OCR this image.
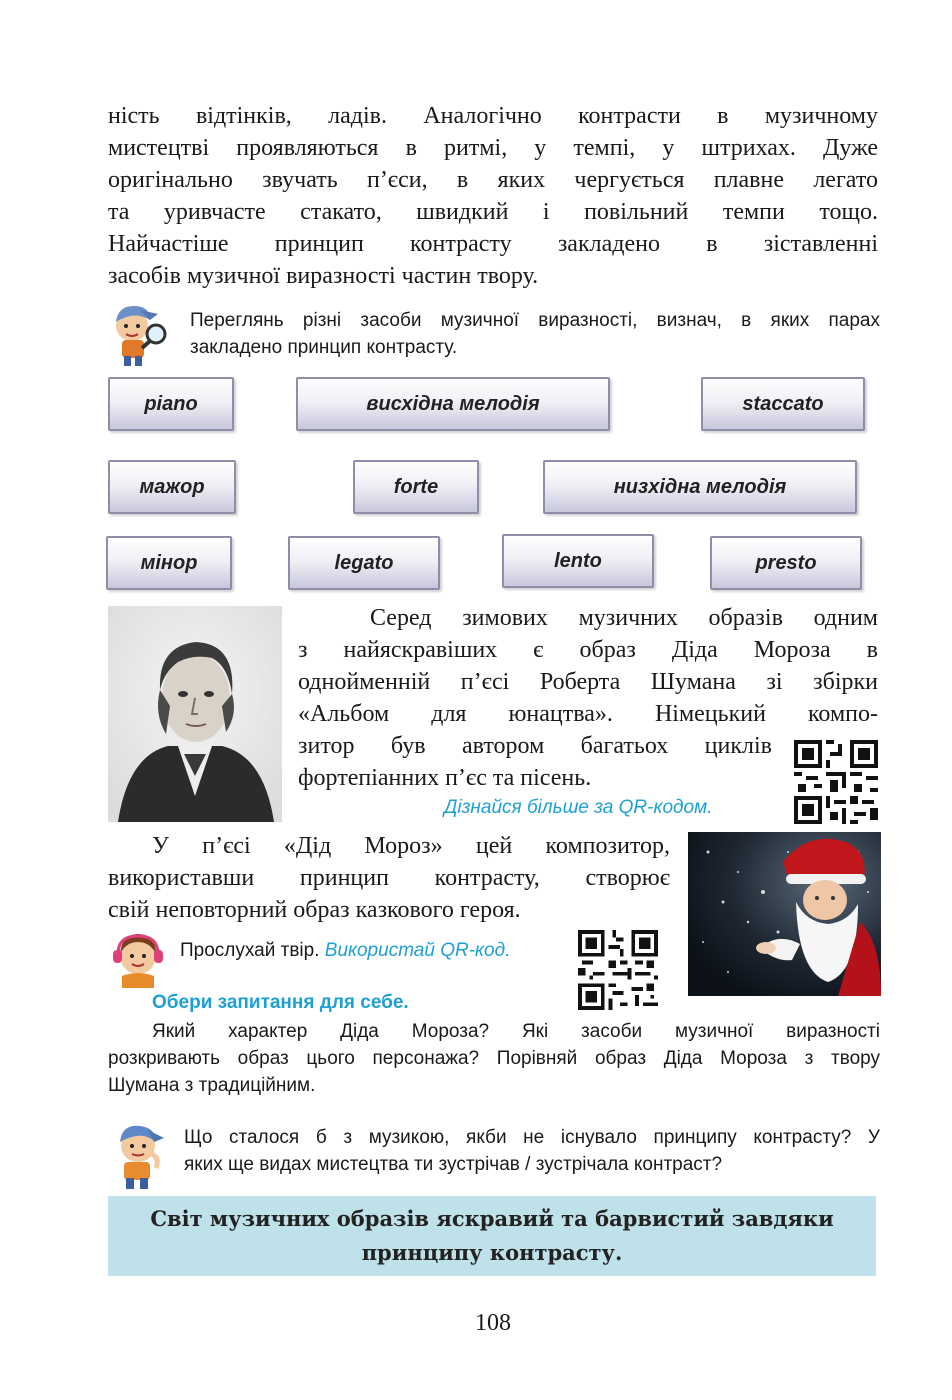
ність відтінків, ладів. Аналогічно контрасти в музичному
мистецтві проявляються в ритмі, у темпі, у штрихах. Дуже
оригінально звучать п’єси, в яких чергується плавне легато
та уривчасте стакато, швидкий і повільний темпи тощо.
Найчастіше принцип контрасту закладено в зіставленні
засобів музичної виразності частин твору.
Переглянь різні засоби музичної виразності, визнач, в яких парах
закладено принцип контрасту.
piano	висхідна мелодія	staccato
мажор	forte	низхідна мелодія
мінор	legato	lento	presto
Серед зимових музичних образів одним
з найяскравіших є образ Діда Мороза в
однойменній п’єсі Роберта Шумана зі збірки
«Альбом для юнацтва». Німецький компо-
зитор був автором багатьох циклів
фортепіанних п’єс та пісень.
Дізнайся більше за QR-кодом.
У п’єсі «Дід Мороз» цей композитор,
використавши принцип контрасту, створює
свій неповторний образ казкового героя.
Прослухай твір. Використай QR-код.
Обери запитання для себе.
Який характер Діда Мороза? Які засоби музичної виразності
розкривають образ цього персонажа? Порівняй образ Діда Мороза з твору
Шумана з традиційним.
Що сталося б з музикою, якби не існувало принципу контрасту? У
яких ще видах мистецтва ти зустрічав / зустрічала контраст?
Світ музичних образів яскравий та барвистий завдяки
принципу контрасту.
108
